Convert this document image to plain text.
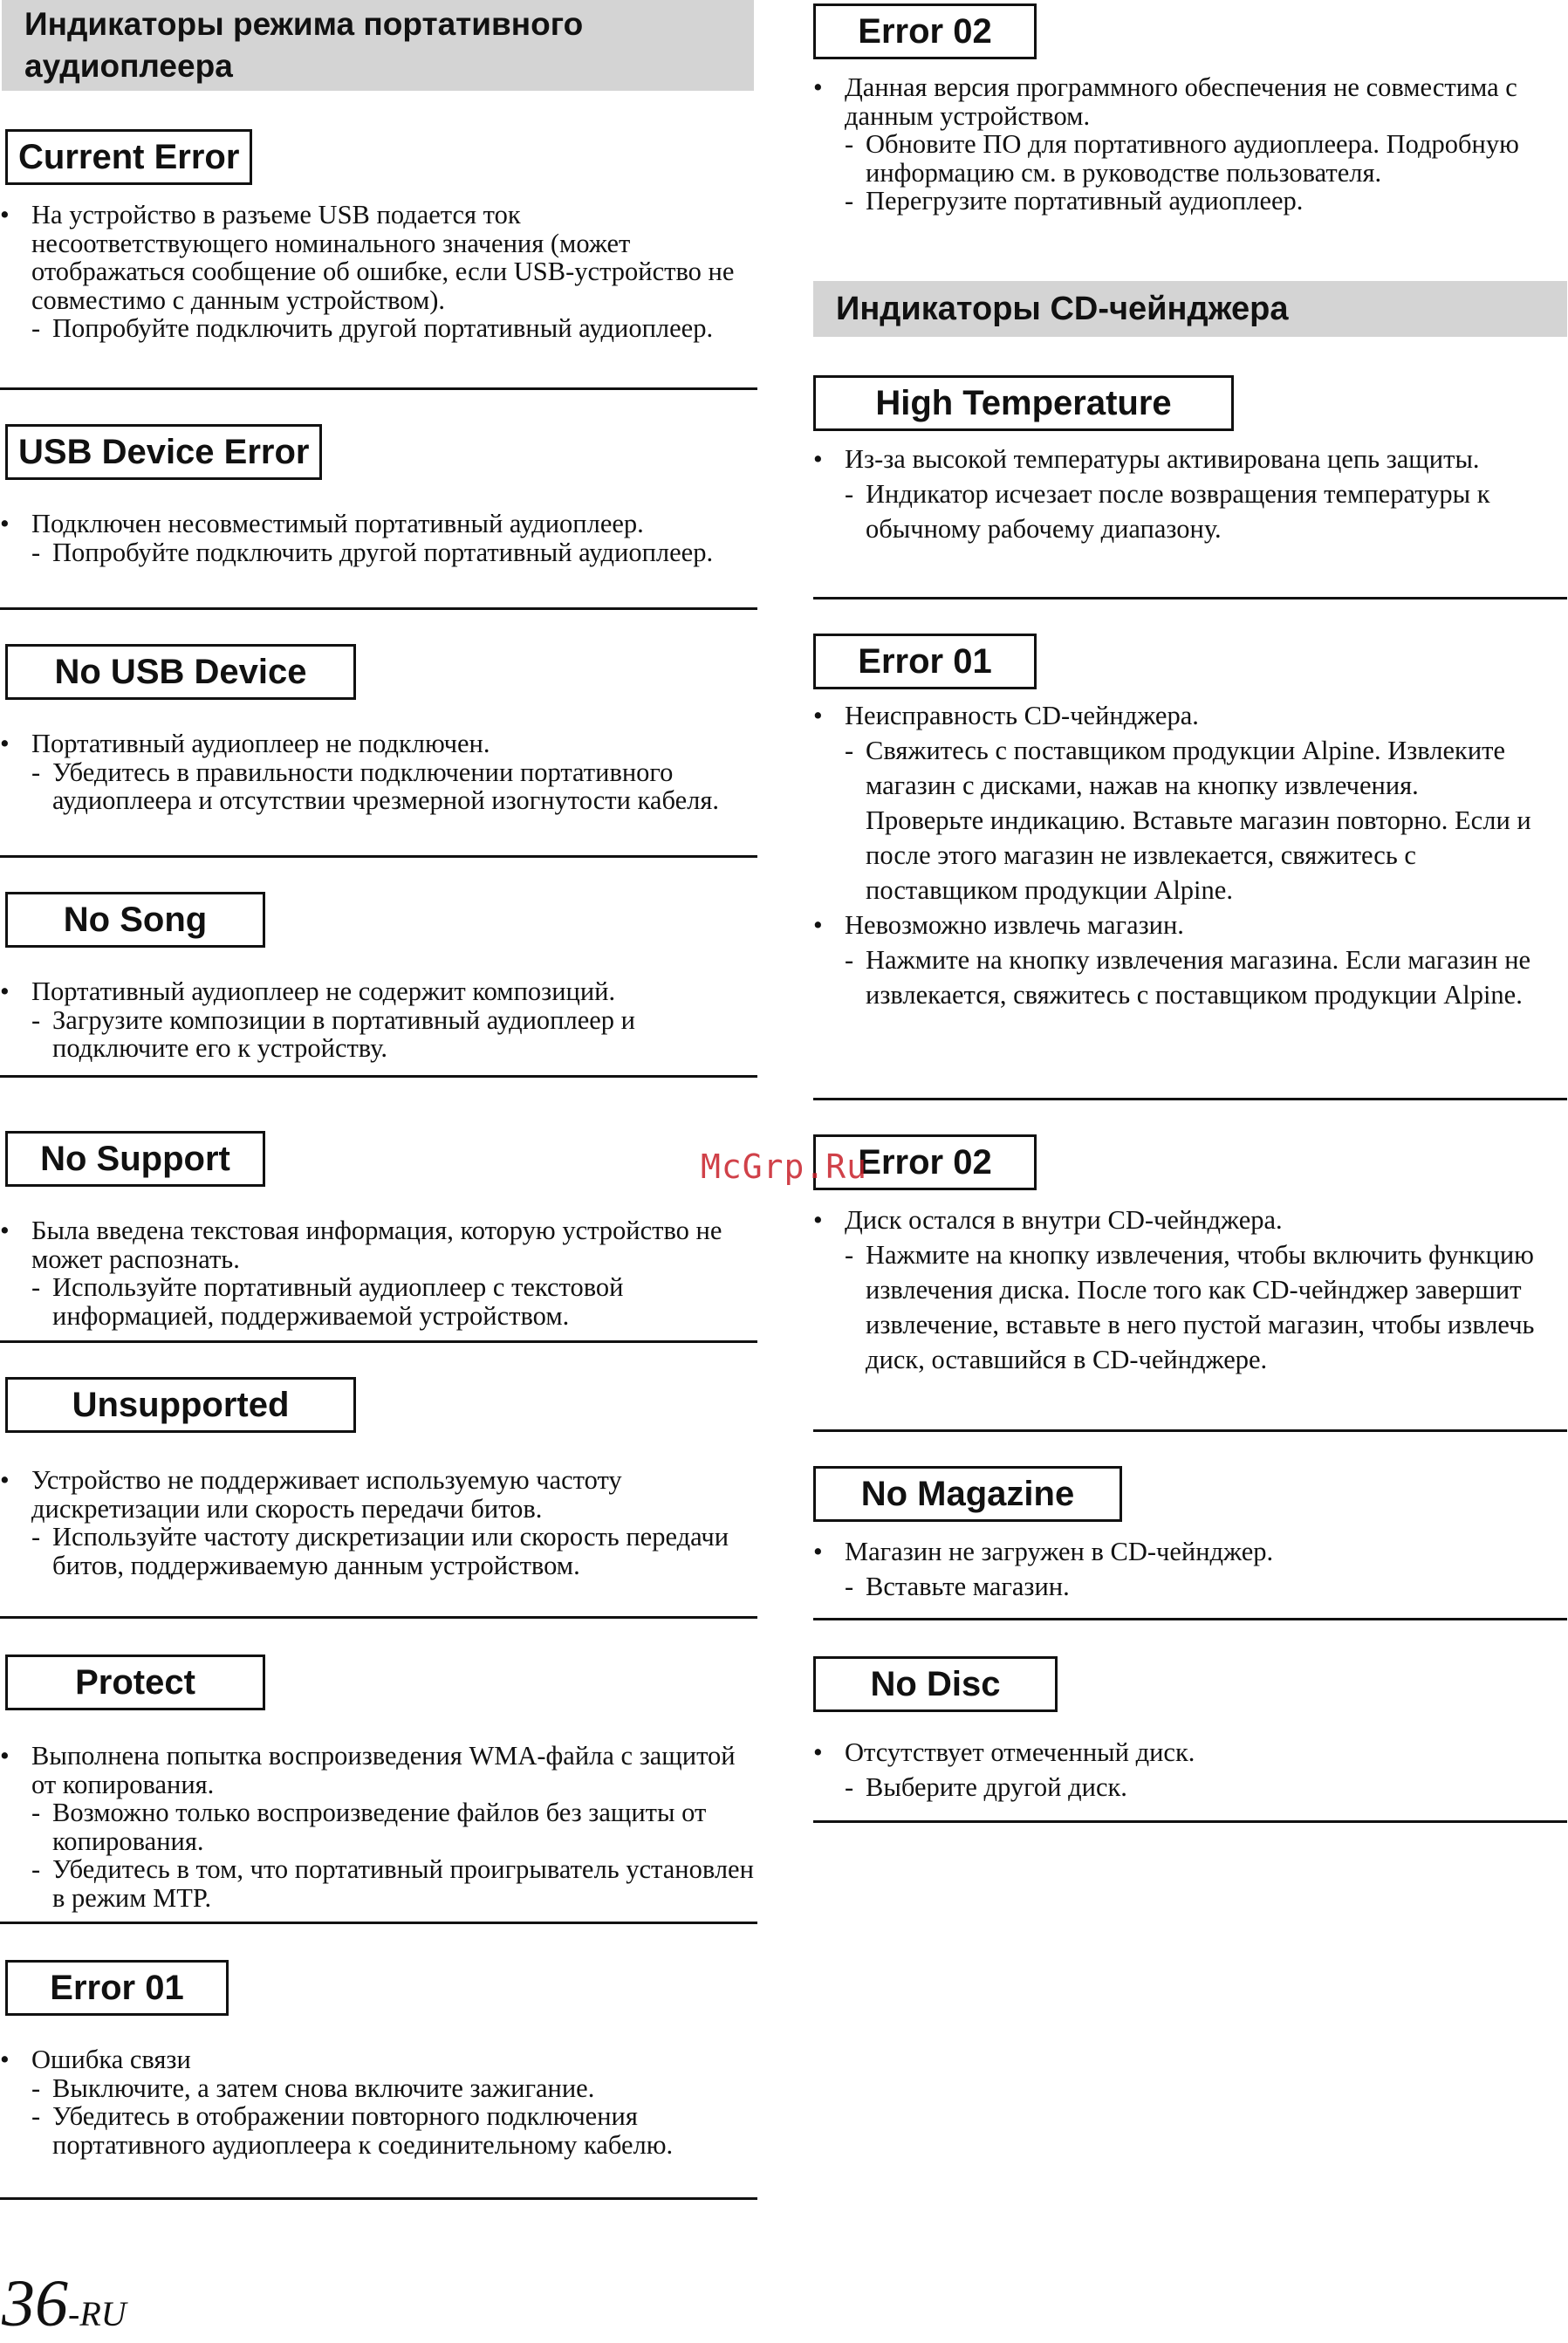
Индикаторы режима портативного аудиоплеера
Current Error
• На устройство в разъеме USB подается ток несоответствующего номинального значения (может отображаться сообщение об ошибке, если USB-устройство не совместимо с данным устройством).
- Попробуйте подключить другой портативный аудиоплеер.
USB Device Error
• Подключен несовместимый портативный аудиоплеер.
- Попробуйте подключить другой портативный аудиоплеер.
No USB Device
• Портативный аудиоплеер не подключен.
- Убедитесь в правильности подключении портативного аудиоплеера и отсутствии чрезмерной изогнутости кабеля.
No Song
• Портативный аудиоплеер не содержит композиций.
- Загрузите композиции в портативный аудиоплеер и подключите его к устройству.
No Support
• Была введена текстовая информация, которую устройство не может распознать.
- Используйте портативный аудиоплеер с текстовой информацией, поддерживаемой устройством.
Unsupported
• Устройство не поддерживает используемую частоту дискретизации или скорость передачи битов.
- Используйте частоту дискретизации или скорость передачи битов, поддерживаемую данным устройством.
Protect
• Выполнена попытка воспроизведения WMA-файла с защитой от копирования.
- Возможно только воспроизведение файлов без защиты от копирования.
- Убедитесь в том, что портативный проигрыватель установлен в режим MTP.
Error 01
• Ошибка связи
- Выключите, а затем снова включите зажигание.
- Убедитесь в отображении повторного подключения портативного аудиоплеера к соединительному кабелю.
Error 02
• Данная версия программного обеспечения не совместима с данным устройством.
- Обновите ПО для портативного аудиоплеера. Подробную информацию см. в руководстве пользователя.
- Перегрузите портативный аудиоплеер.
Индикаторы CD-чейнджера
High Temperature
• Из-за высокой температуры активирована цепь защиты.
- Индикатор исчезает после возвращения температуры к обычному рабочему диапазону.
Error 01
• Неисправность CD-чейнджера.
- Свяжитесь с поставщиком продукции Alpine. Извлеките магазин с дисками, нажав на кнопку извлечения.
Проверьте индикацию. Вставьте магазин повторно. Если и после этого магазин не извлекается, свяжитесь с поставщиком продукции Alpine.
• Невозможно извлечь магазин.
- Нажмите на кнопку извлечения магазина. Если магазин не извлекается, свяжитесь с поставщиком продукции Alpine.
Error 02
• Диск остался в внутри CD-чейнджера.
- Нажмите на кнопку извлечения, чтобы включить функцию извлечения диска. После того как CD-чейнджер завершит извлечение, вставьте в него пустой магазин, чтобы извлечь диск, оставшийся в CD-чейнджере.
No Magazine
• Магазин не загружен в CD-чейнджер.
- Вставьте магазин.
No Disc
• Отсутствует отмеченный диск.
- Выберите другой диск.
McGrp.Ru
36-RU
